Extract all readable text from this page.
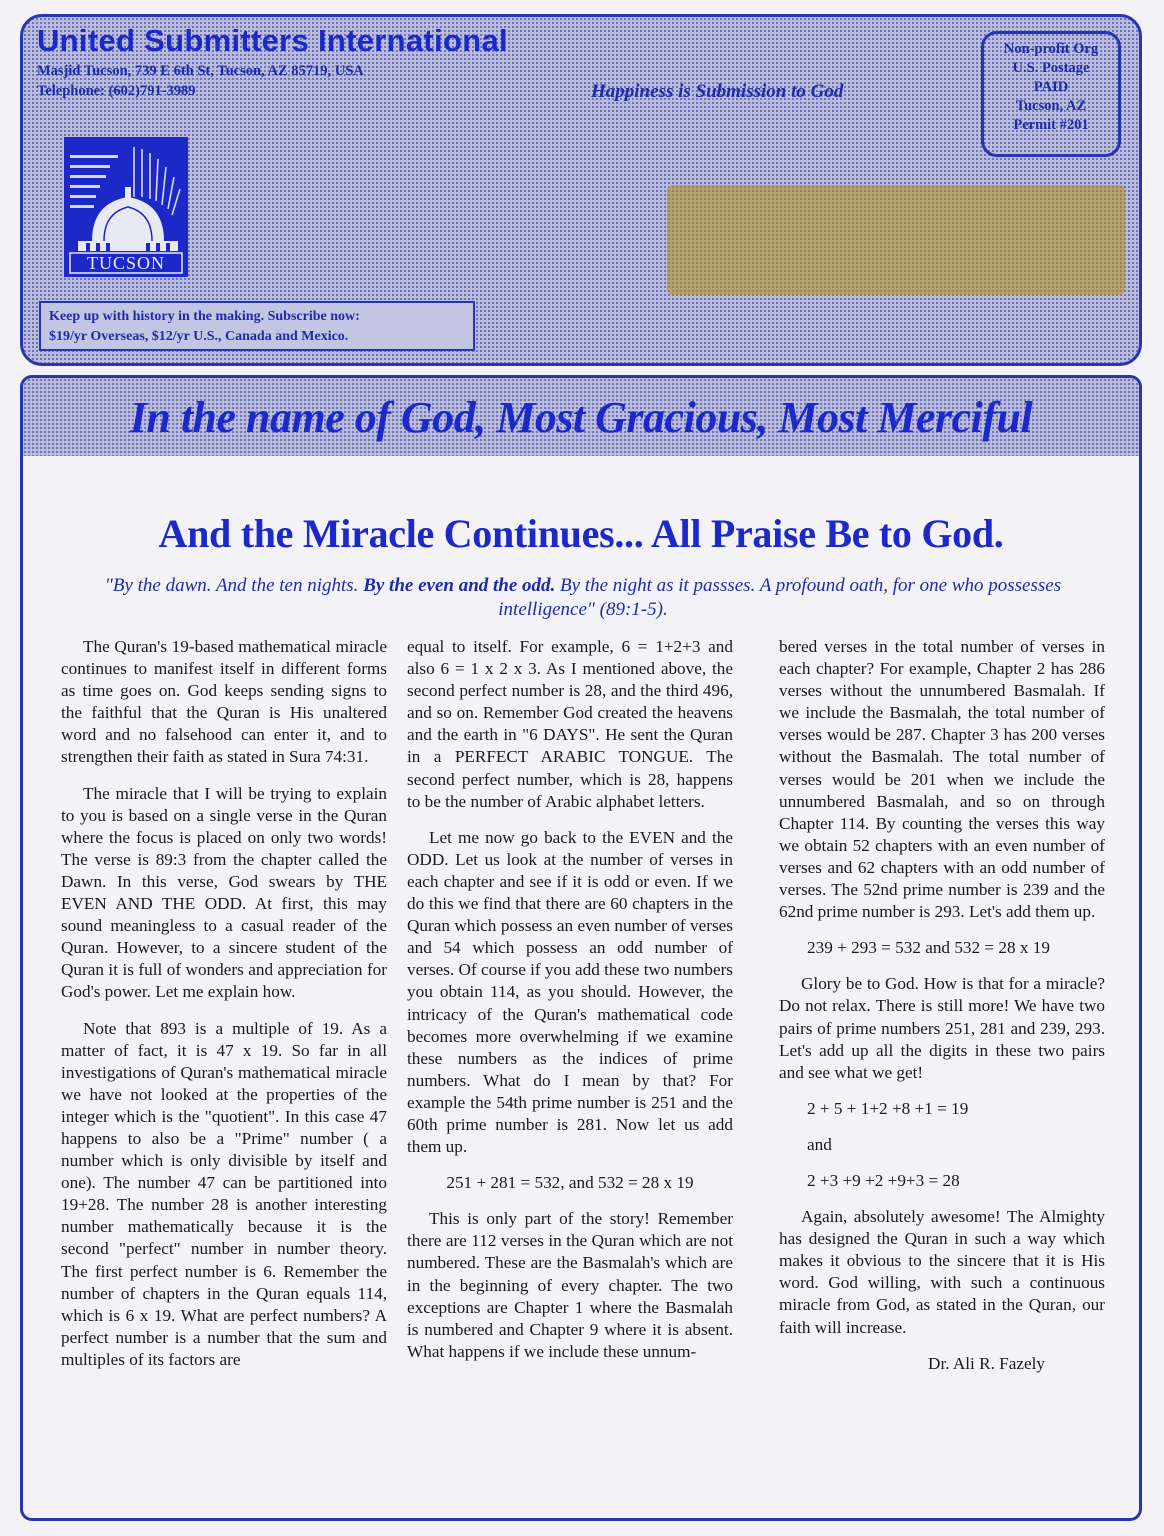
United Submitters International
Masjid Tucson, 739 E 6th St, Tucson, AZ 85719, USA
Telephone: (602)791-3989	Happiness is Submission to God
Non-profit Org
U.S. Postage
PAID
Tucson, AZ
Permit #201
TUCSON
Keep up with history in the making. Subscribe now:
$19/yr Overseas, $12/yr U.S., Canada and Mexico.
In the name of God, Most Gracious, Most Merciful
And the Miracle Continues... All Praise Be to God.
"By the dawn. And the ten nights. By the even and the odd. By the night as it passses. A profound oath, for one who possesses intelligence" (89:1-5).

The Quran's 19-based mathematical miracle continues to manifest itself in different forms as time goes on. God keeps sending signs to the faithful that the Quran is His unaltered word and no falsehood can enter it, and to strengthen their faith as stated in Sura 74:31.

The miracle that I will be trying to explain to you is based on a single verse in the Quran where the focus is placed on only two words! The verse is 89:3 from the chapter called the Dawn. In this verse, God swears by THE EVEN AND THE ODD. At first, this may sound meaningless to a casual reader of the Quran. However, to a sincere student of the Quran it is full of wonders and appreciation for God's power. Let me explain how.

Note that 893 is a multiple of 19. As a matter of fact, it is 47 x 19. So far in all investigations of Quran's mathematical miracle we have not looked at the properties of the integer which is the "quotient". In this case 47 happens to also be a "Prime" number ( a number which is only divisible by itself and one). The number 47 can be partitioned into 19+28. The number 28 is another interesting number mathematically because it is the second "perfect" number in number theory. The first perfect number is 6. Remember the number of chapters in the Quran equals 114, which is 6 x 19. What are perfect numbers? A perfect number is a number that the sum and multiples of its factors are

equal to itself. For example, 6 = 1+2+3 and also 6 = 1 x 2 x 3. As I mentioned above, the second perfect number is 28, and the third 496, and so on. Remember God created the heavens and the earth in "6 DAYS". He sent the Quran in a PERFECT ARABIC TONGUE. The second perfect number, which is 28, happens to be the number of Arabic alphabet letters.

Let me now go back to the EVEN and the ODD. Let us look at the number of verses in each chapter and see if it is odd or even. If we do this we find that there are 60 chapters in the Quran which possess an even number of verses and 54 which possess an odd number of verses. Of course if you add these two numbers you obtain 114, as you should. However, the intricacy of the Quran's mathematical code becomes more overwhelming if we examine these numbers as the indices of prime numbers. What do I mean by that? For example the 54th prime number is 251 and the 60th prime number is 281. Now let us add them up.

251 + 281 = 532, and 532 = 28 x 19

This is only part of the story! Remember there are 112 verses in the Quran which are not numbered. These are the Basmalah's which are in the beginning of every chapter. The two exceptions are Chapter 1 where the Basmalah is numbered and Chapter 9 where it is absent. What happens if we include these unnum-

bered verses in the total number of verses in each chapter? For example, Chapter 2 has 286 verses without the unnumbered Basmalah. If we include the Basmalah, the total number of verses would be 287. Chapter 3 has 200 verses without the Basmalah. The total number of verses would be 201 when we include the unnumbered Basmalah, and so on through Chapter 114. By counting the verses this way we obtain 52 chapters with an even number of verses and 62 chapters with an odd number of verses. The 52nd prime number is 239 and the 62nd prime number is 293. Let's add them up.

239 + 293 = 532 and 532 = 28 x 19

Glory be to God. How is that for a miracle? Do not relax. There is still more! We have two pairs of prime numbers 251, 281 and 239, 293. Let's add up all the digits in these two pairs and see what we get!

2 + 5 + 1+2 +8 +1 = 19

and

2 +3 +9 +2 +9+3 = 28

Again, absolutely awesome! The Almighty has designed the Quran in such a way which makes it obvious to the sincere that it is His word. God willing, with such a continuous miracle from God, as stated in the Quran, our faith will increase.

Dr. Ali R. Fazely
